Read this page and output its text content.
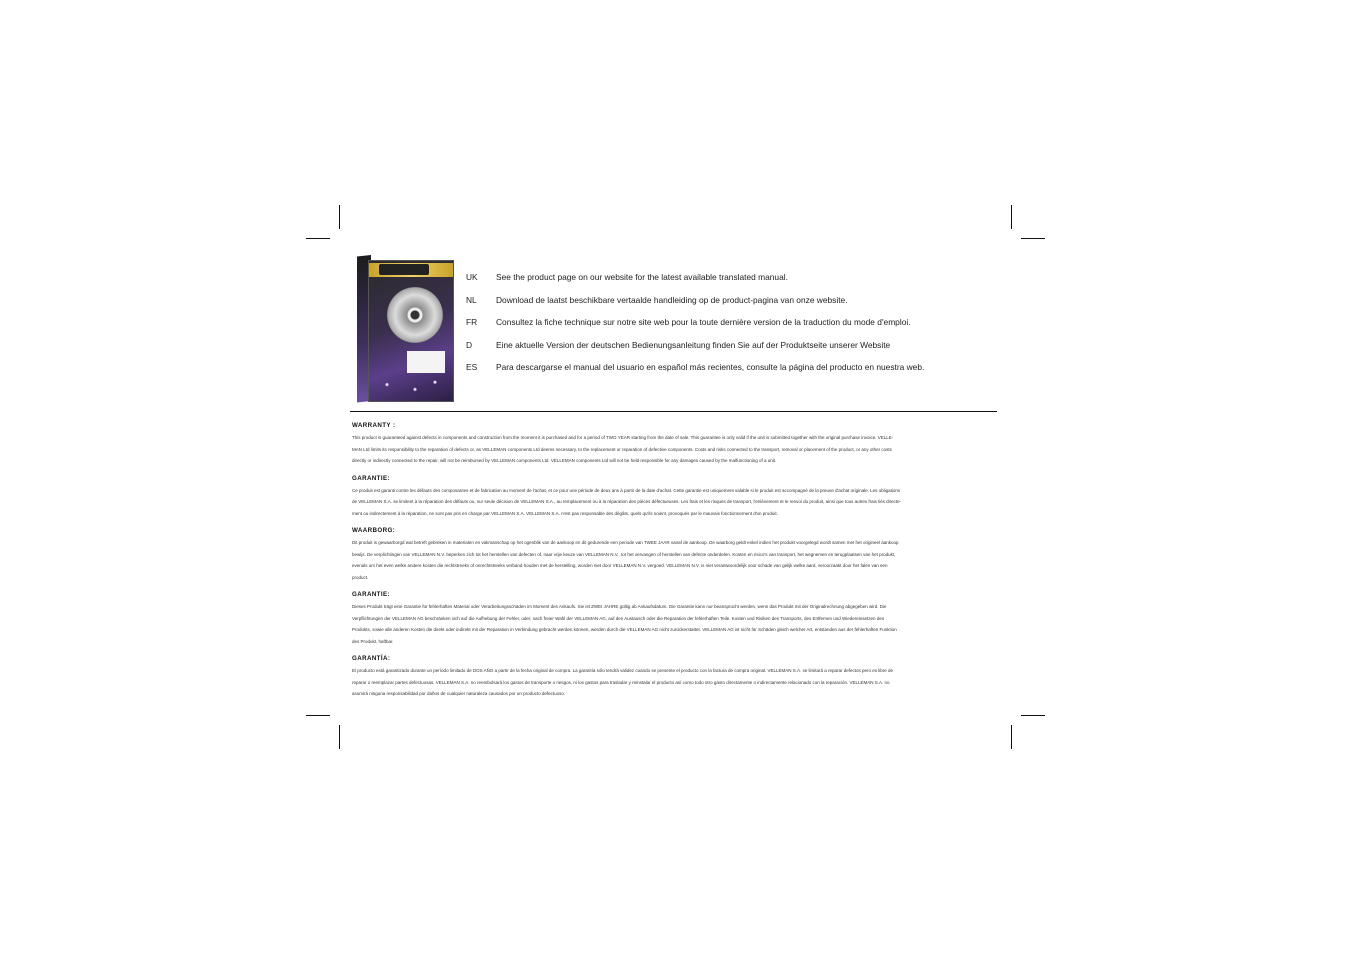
UK See the product page on our website for the latest available translated manual.
NL Download de laatst beschikbare vertaalde handleiding op de product-pagina van onze website.
FR Consultez la fiche technique sur notre site web pour la toute dernière version de la traduction du mode d'emploi.
D	Eine aktuelle Version der deutschen Bedienungsanleitung finden Sie auf der Produktseite unserer Website
ES Para descargarse el manual del usuario en español más recientes, consulte la página del producto en nuestra web.
WARRANTY :
This product is guaranteed against defects in components and construction from the moment it is purchased and for a period of TWO YEAR starting from the date of sale. This guarantee is only valid if the unit is submitted together with the original purchase invoice. VELLE-
MAN Ltd limits its responsibility to the reparation of defects or, as VELLEMAN components Ltd deems necessary, to the replacement or reparation of defective components. Costs and risks connected to the transport, removal or placement of the product, or any other costs
directly or indirectly connected to the repair, will not be reimbursed by VELLEMAN components Ltd. VELLEMAN components Ltd will not be held responsible for any damages caused by the malfunctioning of a unit.
GARANTIE:
Ce produit est garanti contre les défauts des composantes et de fabrication au moment de l'achat, et ce pour une période de deux ans à partir de la date d'achat. Cette garantie est uniquement valable si le produit est accompagné de la preuve d'achat originale. Les obligations
de VELLEMAN S.A. se limitent à la réparation des défauts ou, sur seule décision de VELLEMAN S.A., au remplacement ou à la réparation des pièces défectueuses. Les frais et les risques de transport, l'enlèvement et le renvoi du produit, ainsi que tous autres frais liés directe-
ment ou indirectement à la réparation, ne sont pas pris en charge par VELLEMAN S.A. VELLEMAN S.A. n'est pas responsable des dégâts, quels qu'ils soient, provoqués par le mauvais fonctionnement d'un produit.
WAARBORG:
Dit produit is gewaarborgd wat betreft gebreken in materialen en vakmanschap op het ogenblik van de aankoop en dit gedurende een periode van TWEE JAAR vanaf de aankoop. De waarborg geldt enkel indien het produkt voorgelegd wordt samen met het origineel aankoop
bewijs. De verplichtingen van VELLEMAN N.V. beperken zich tot het herstellen van defecten of, naar vrije keuze van VELLEMAN N.V., tot het vervangen of herstellen van defecte onderdelen. Kosten en risico's van transport, het wegnemen en terugplaatsen van het produkt,
evenals om het even welke andere kosten die rechtstreeks of onrechtstreeks verband houden met de herstelling, worden niet door VELLEMAN N.V. vergoed. VELLEMAN N.V. is niet verantwoordelijk voor schade van gelijk welke aard, veroorzaakt door het falen van een
product.
GARANTIE:
Dieses Produkt trägt eine Garantie für fehlerhaftes Material oder Verarbeitungsschäden im Moment des Ankaufs. Sie ist ZWEI JAHRE gültig ab Ankaufsdatum. Die Garantie kann nur beansprucht werden, wenn das Produkt mit der Originalrechnung abgegeben wird. Die
Verpflichtungen der VELLEMAN AG beschränken sich auf die Aufhebung der Fehler, oder, nach freier Wahl der VELLEMAN AG, auf den Austausch oder die Reparation der fehlerhaften Teile. Kosten und Risiken des Transports, des Entfernen und Wiedereinsetzen des
Produkts, sowie alle anderen Kosten die direkt oder indirekt mit der Reparation in Verbindung gebracht werden können, werden durch die VELLEMAN AG nicht zurückerstattet. VELLEMAN AG ist nicht für Schäden gleich welcher Art, entstanden aus der fehlerhaften Funktion
des Produkt, haftbar.
GARANTÍA:
El producto está garantizado durante un período limitado de DOS AÑO a partir de la fecha original de compra. La garantía sólo tendrá validez cuando se presente el producto con la factura de compra original. VELLEMAN S.A. se limitará a reparar defectos pero es libre de
reparar o reemplazar partes defectuosas. VELLEMAN S.A. no reembolsará los gastos de transporte o riesgos, ni los gastos para trasladar y reinstalar el producto así como todo otro gasto directamente o indirectamente relacionado con la reparación. VELLEMAN S.A. no
asumirá ninguna responsabilidad por daños de cualquier naturaleza causados por un producto defectuoso.
